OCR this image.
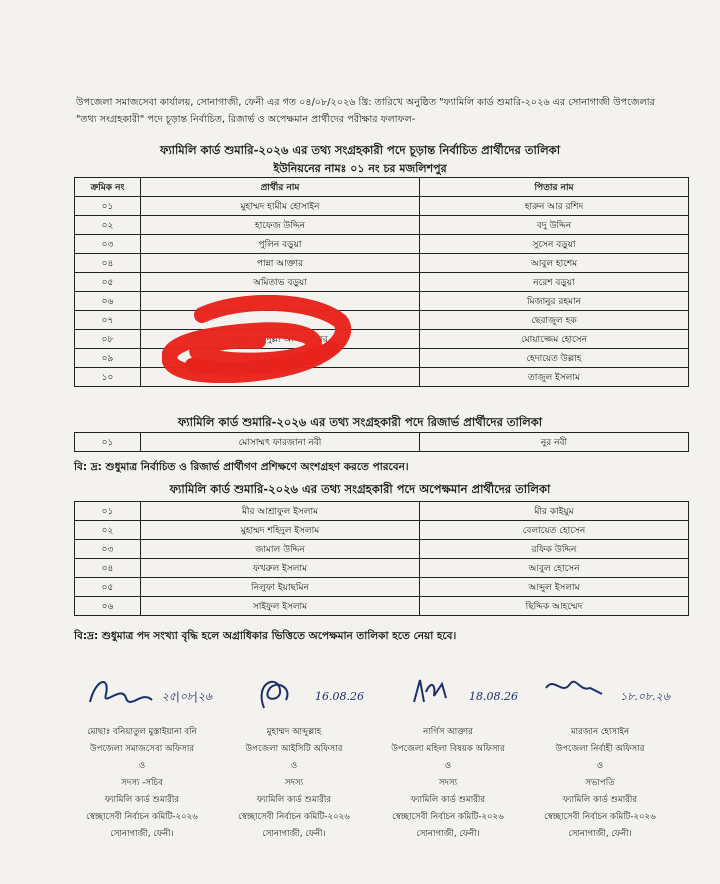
উপজেলা সমাজসেবা কার্যালয়, সোনাগাজী, ফেনী এর গত ০৪/০৮/২০২৬ খ্রি: তারিখে অনুষ্ঠিত "ফ্যামিলি কার্ড শুমারি-২০২৬ এর সোনাগাজী উপজেলার "তথ্য সংগ্রহকারী" পদে চূড়ান্ত নির্বাচিত, রিজার্ভ ও অপেক্ষমান প্রার্থীদের পরীক্ষার ফলাফল-
ফ্যামিলি কার্ড শুমারি-২০২৬ এর তথ্য সংগ্রহকারী পদে চূড়ান্ত নির্বাচিত প্রার্থীদের তালিকা
ইউনিয়নের নামঃ ০১ নং চর মজলিশপুর
ক্রমিক নং	প্রার্থীর নাম	পিতার নাম
০১	মুহাম্মদ হামীম হোসাইন	হারুন আর রশিদ
০২	হাফেজ উদ্দিন	বদু উদ্দিন
০৩	পুলিন বড়ুয়া	সুসেন বড়ুয়া
০৪	পান্না আক্তার	আবুল হাশেম
০৫	অমিতাভ বড়ুয়া	নরেশ বড়ুয়া
০৬		মিজানুর রহমান
০৭		ছেরাজুল হক
০৮	মোঃ আবদুল্লা আল জাবের	মোয়াজ্জেম হোসেন
০৯		হেদায়েত উল্লাহ
১০		তাজুল ইসলাম
ফ্যামিলি কার্ড শুমারি-২০২৬ এর তথ্য সংগ্রহকারী পদে রিজার্ভ প্রার্থীদের তালিকা
০১	মোসাম্মৎ ফারজানা নবী	নুর নবী
বি: দ্র: শুধুমাত্র নির্বাচিত ও রিজার্ভ প্রার্থীগণ প্রশিক্ষণে অংশগ্রহণ করতে পারবেন।
ফ্যামিলি কার্ড শুমারি-২০২৬ এর তথ্য সংগ্রহকারী পদে অপেক্ষমান প্রার্থীদের তালিকা
০১	মীর আশ্রাফুল ইসলাম	মীর কাইয়ুম
০২	মুহাম্মদ শহিদুল ইসলাম	বেলায়েত হোসেন
০৩	জামাল উদ্দিন	রফিক উদ্দিন
০৪	ফখরুল ইসলাম	আবুল হোসেন
০৫	নিলুফা ইয়াছমিন	আব্দুল ইসলাম
০৬	সাইফুল ইসলাম	ছিদ্দিক আহম্মেদ
বি:দ্র: শুধুমাত্র পদ সংখ্যা বৃদ্ধি হলে অগ্রাধিকার ভিত্তিতে অপেক্ষমান তালিকা হতে নেয়া হবে।
২৫|০৮|২৬
মোছাঃ বনিয়াতুল মুস্তাইয়ানা বনি
উপজেলা সমাজসেবা অফিসার
ও
সদস্য -সচিব
ফ্যামিলি কার্ড শুমারীর
স্বেচ্ছাসেবী নির্বাচন কমিটি-২০২৬
সোনাগাজী, ফেনী।
16.08.26
মুহাম্মদ আব্দুল্লাহ
উপজেলা আইসিটি অফিসার
ও
সদস্য
ফ্যামিলি কার্ড শুমারীর
স্বেচ্ছাসেবী নির্বাচন কমিটি-২০২৬
সোনাগাজী, ফেনী।
18.08.26
নার্গিস আক্তার
উপজেলা মহিলা বিষয়ক অফিসার
ও
সদস্য
ফ্যামিলি কার্ড শুমারীর
স্বেচ্ছাসেবী নির্বাচন কমিটি-২০২৬
সোনাগাজী, ফেনী।
১৮.০৮.২৬
মারজান হোসাইন
উপজেলা নির্বাহী অফিসার
ও
সভাপতি
ফ্যামিলি কার্ড শুমারীর
স্বেচ্ছাসেবী নির্বাচন কমিটি-২০২৬
সোনাগাজী, ফেনী।
